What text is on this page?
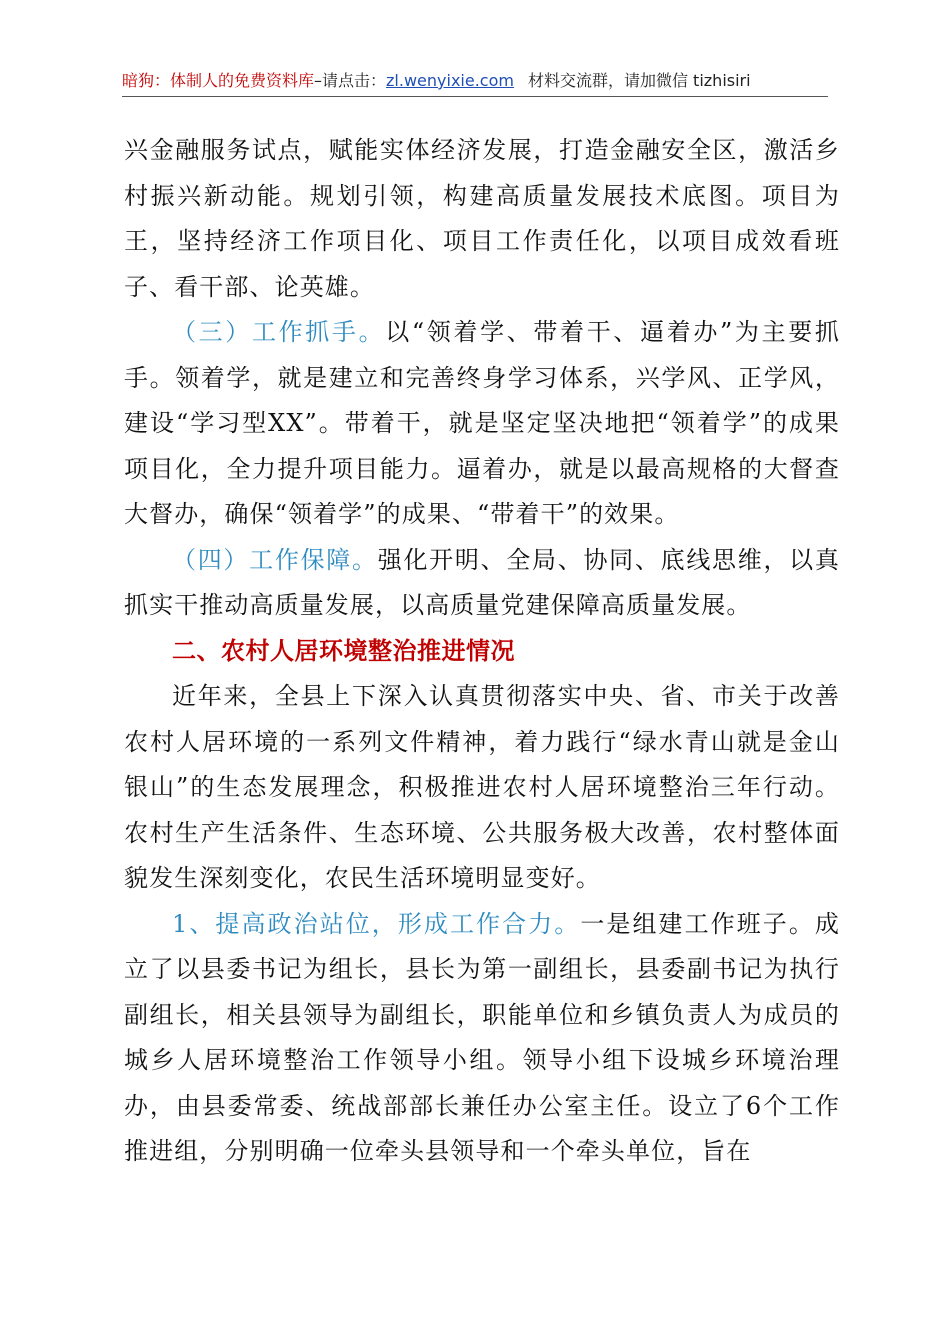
暗狗：体制人的免费资料库–请点击：zl.wenyixie.com 材料交流群，请加微信 tizhisiri

兴金融服务试点，赋能实体经济发展，打造金融安全区，激活乡村振兴新动能。规划引领，构建高质量发展技术底图。项目为王，坚持经济工作项目化、项目工作责任化，以项目成效看班子、看干部、论英雄。

（三）工作抓手。以“领着学、带着干、逼着办”为主要抓手。领着学，就是建立和完善终身学习体系，兴学风、正学风，建设“学习型XX”。带着干，就是坚定坚决地把“领着学”的成果项目化，全力提升项目能力。逼着办，就是以最高规格的大督查大督办，确保“领着学”的成果、“带着干”的效果。

（四）工作保障。强化开明、全局、协同、底线思维，以真抓实干推动高质量发展，以高质量党建保障高质量发展。

二、农村人居环境整治推进情况

近年来，全县上下深入认真贯彻落实中央、省、市关于改善农村人居环境的一系列文件精神，着力践行“绿水青山就是金山银山”的生态发展理念，积极推进农村人居环境整治三年行动。农村生产生活条件、生态环境、公共服务极大改善，农村整体面貌发生深刻变化，农民生活环境明显变好。

1、提高政治站位，形成工作合力。一是组建工作班子。成立了以县委书记为组长，县长为第一副组长，县委副书记为执行副组长，相关县领导为副组长，职能单位和乡镇负责人为成员的城乡人居环境整治工作领导小组。领导小组下设城乡环境治理办，由县委常委、统战部部长兼任办公室主任。设立了6个工作推进组，分别明确一位牵头县领导和一个牵头单位，旨在
